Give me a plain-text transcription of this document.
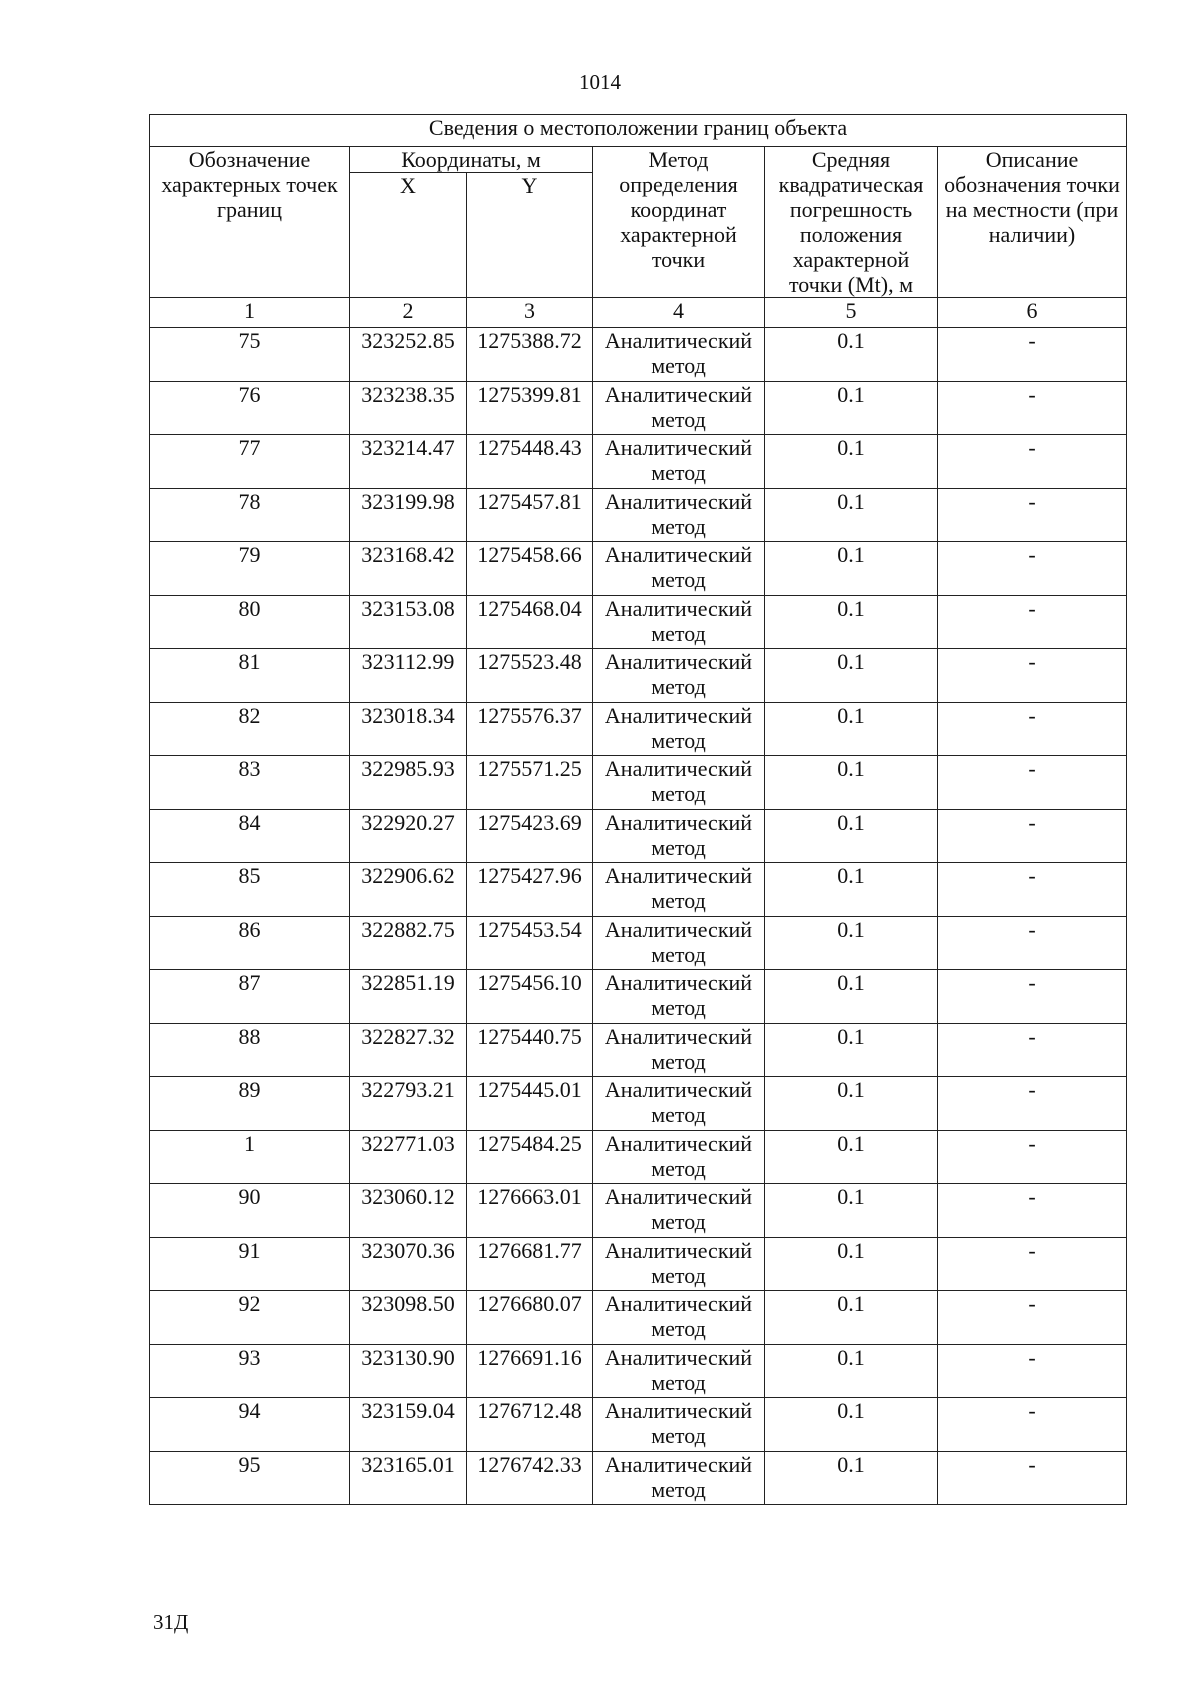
1014
Сведения о местоположении границ объекта					
Обозначение характерных точек границ	Координаты, м		Метод определения координат характерной точки	Средняя квадратическая погрешность положения характерной точки (Mt), м	Описание обозначения точки на местности (при наличии)
	X	Y			
1	2	3	4	5	6
75	323252.85	1275388.72	Аналитический метод	0.1	-
76	323238.35	1275399.81	Аналитический метод	0.1	-
77	323214.47	1275448.43	Аналитический метод	0.1	-
78	323199.98	1275457.81	Аналитический метод	0.1	-
79	323168.42	1275458.66	Аналитический метод	0.1	-
80	323153.08	1275468.04	Аналитический метод	0.1	-
81	323112.99	1275523.48	Аналитический метод	0.1	-
82	323018.34	1275576.37	Аналитический метод	0.1	-
83	322985.93	1275571.25	Аналитический метод	0.1	-
84	322920.27	1275423.69	Аналитический метод	0.1	-
85	322906.62	1275427.96	Аналитический метод	0.1	-
86	322882.75	1275453.54	Аналитический метод	0.1	-
87	322851.19	1275456.10	Аналитический метод	0.1	-
88	322827.32	1275440.75	Аналитический метод	0.1	-
89	322793.21	1275445.01	Аналитический метод	0.1	-
1	322771.03	1275484.25	Аналитический метод	0.1	-
90	323060.12	1276663.01	Аналитический метод	0.1	-
91	323070.36	1276681.77	Аналитический метод	0.1	-
92	323098.50	1276680.07	Аналитический метод	0.1	-
93	323130.90	1276691.16	Аналитический метод	0.1	-
94	323159.04	1276712.48	Аналитический метод	0.1	-
95	323165.01	1276742.33	Аналитический метод	0.1	-
31Д
